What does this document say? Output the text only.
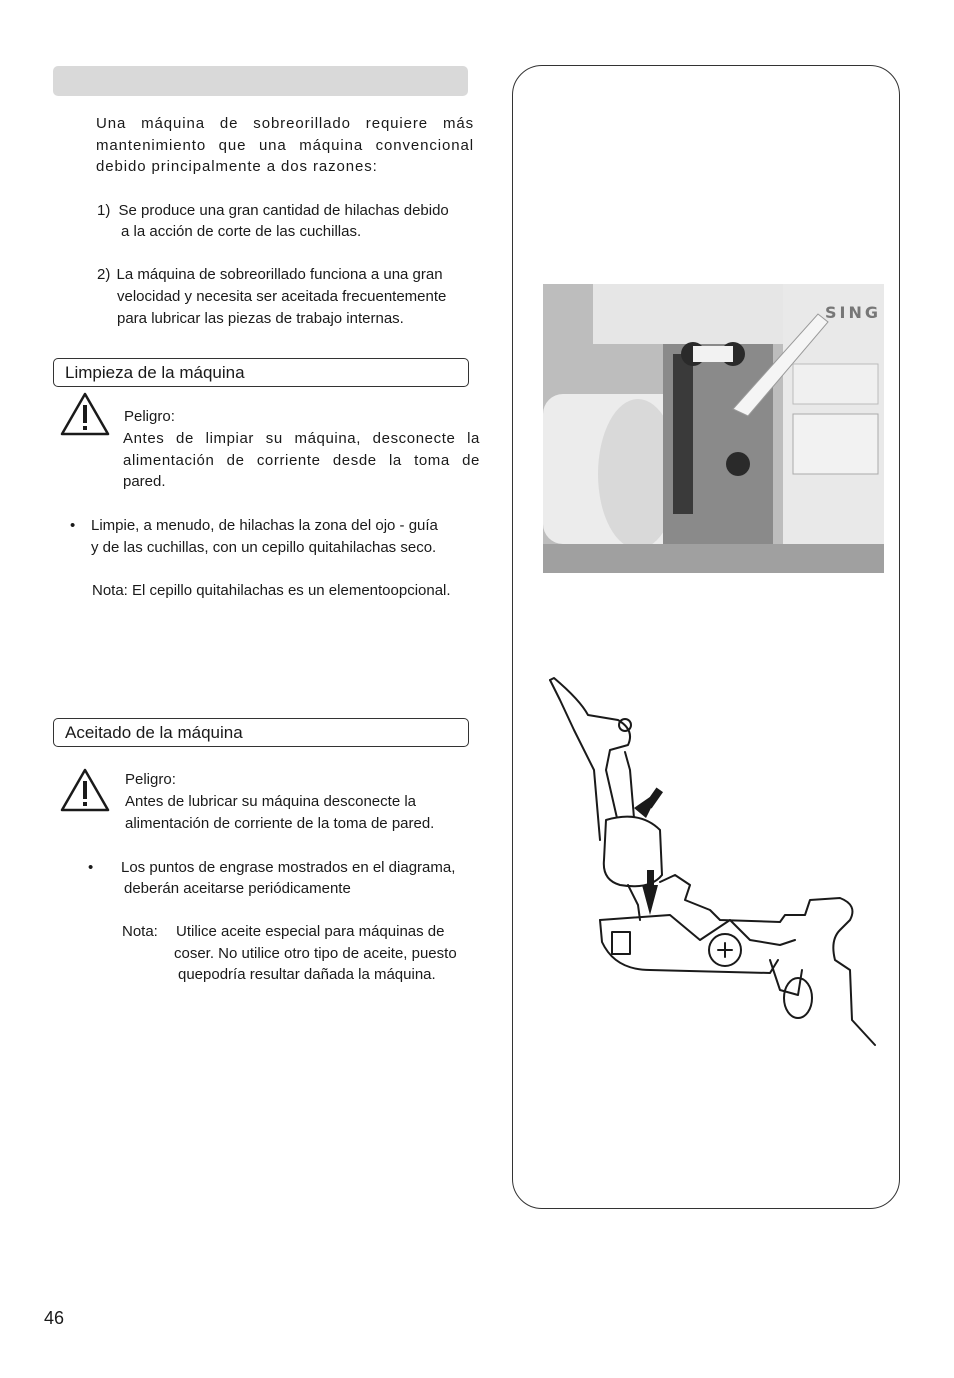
Una máquina de sobreorillado requiere más

mantenimiento que una máquina convencional

debido principalmente a dos razones:

1) Se produce una gran cantidad de hilachas debido
a la acción de corte de las cuchillas.
2) La máquina de sobreorillado funciona a una gran
velocidad y necesita ser aceitada frecuentemente
para lubricar las piezas de trabajo internas.
Limpieza de la máquina
Peligro:
Antes de limpiar su máquina, desconecte la
alimentación de corriente desde la toma de
pared.
• Limpie, a menudo, de hilachas la zona del ojo - guía
y de las cuchillas, con un cepillo quitahilachas seco.
Nota: El cepillo quitahilachas es un elementoopcional.
Aceitado de la máquina
Peligro:
Antes de lubricar su máquina desconecte la
alimentación de corriente de la toma de pared.
• Los puntos de engrase mostrados en el diagrama,
deberán aceitarse periódicamente
Nota: Utilice aceite especial para máquinas de
coser. No utilice otro tipo de aceite, puesto
quepodría resultar dañada la máquina.
SING
46
